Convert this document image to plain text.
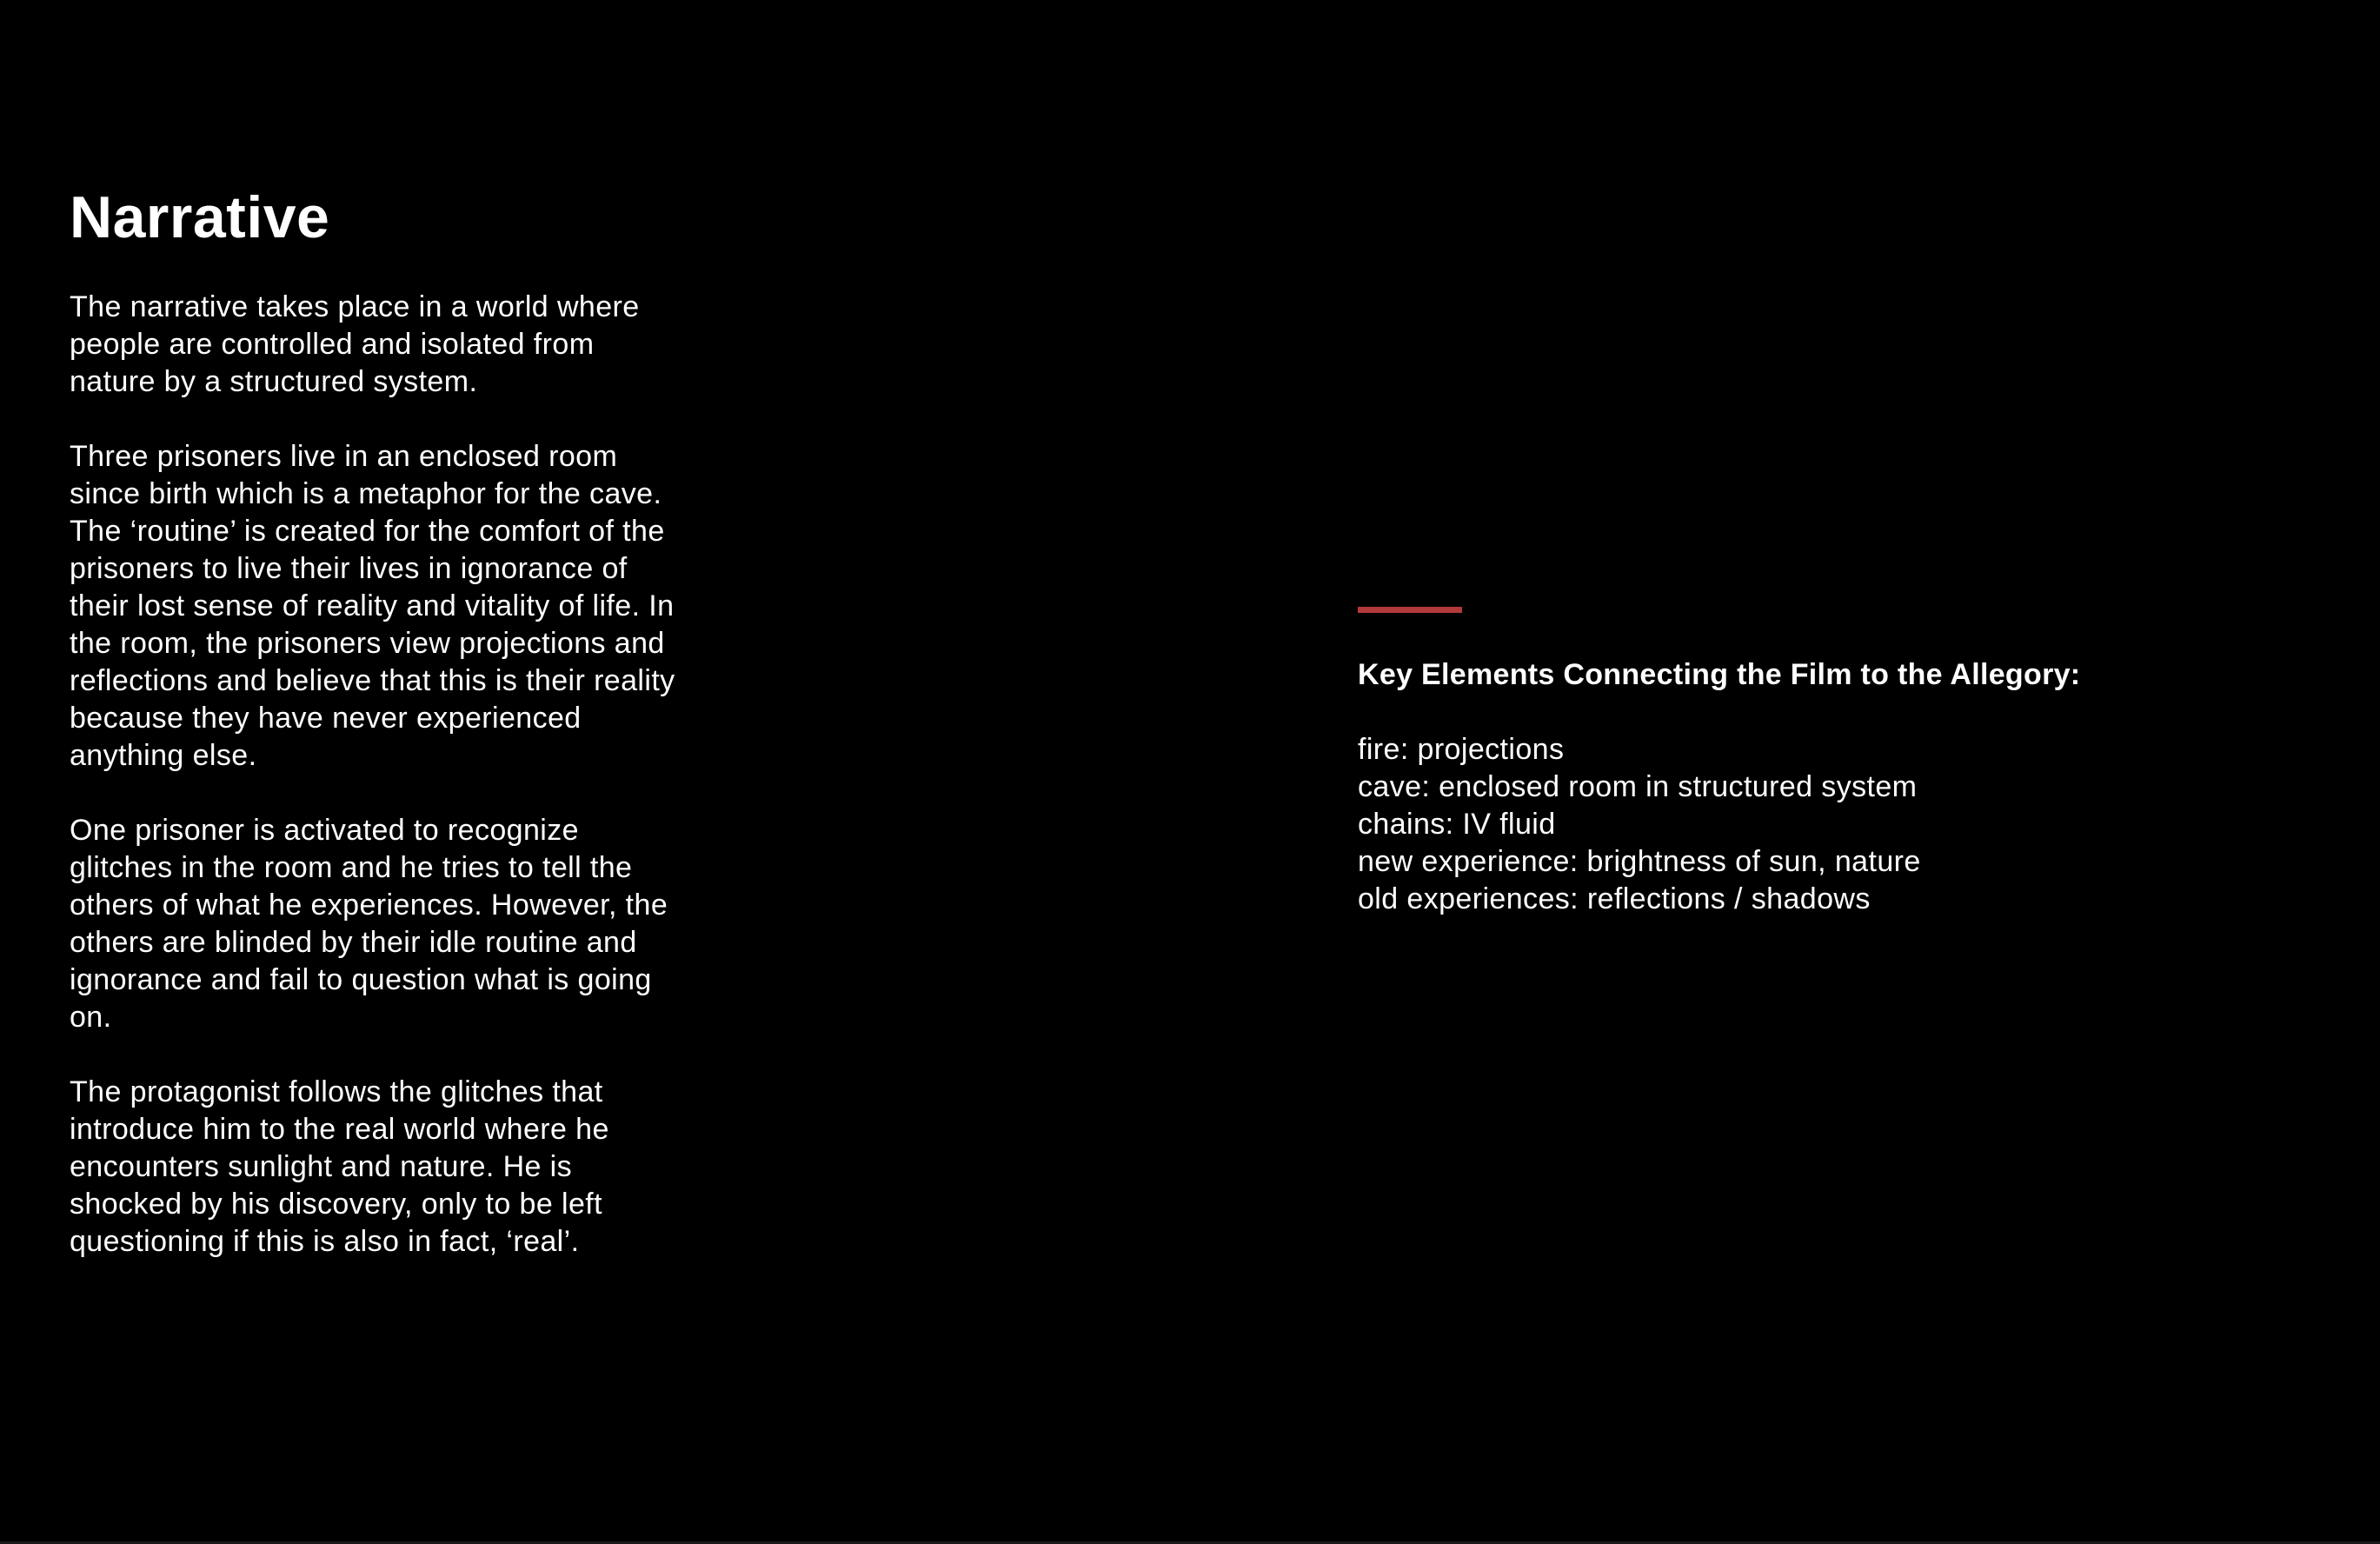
Narrative

The narrative takes place in a world where people are controlled and isolated from nature by a structured system.

Three prisoners live in an enclosed room since birth which is a metaphor for the cave. The ‘routine’ is created for the comfort of the prisoners to live their lives in ignorance of their lost sense of reality and vitality of life. In the room, the prisoners view projections and reflections and believe that this is their reality because they have never experienced anything else.

One prisoner is activated to recognize glitches in the room and he tries to tell the others of what he experiences. However, the others are blinded by their idle routine and ignorance and fail to question what is going on.

The protagonist follows the glitches that introduce him to the real world where he encounters sunlight and nature. He is shocked by his discovery, only to be left questioning if this is also in fact, ‘real’.

Key Elements Connecting the Film to the Allegory:
fire: projections
cave: enclosed room in structured system
chains: IV fluid
new experience: brightness of sun, nature
old experiences: reflections / shadows
